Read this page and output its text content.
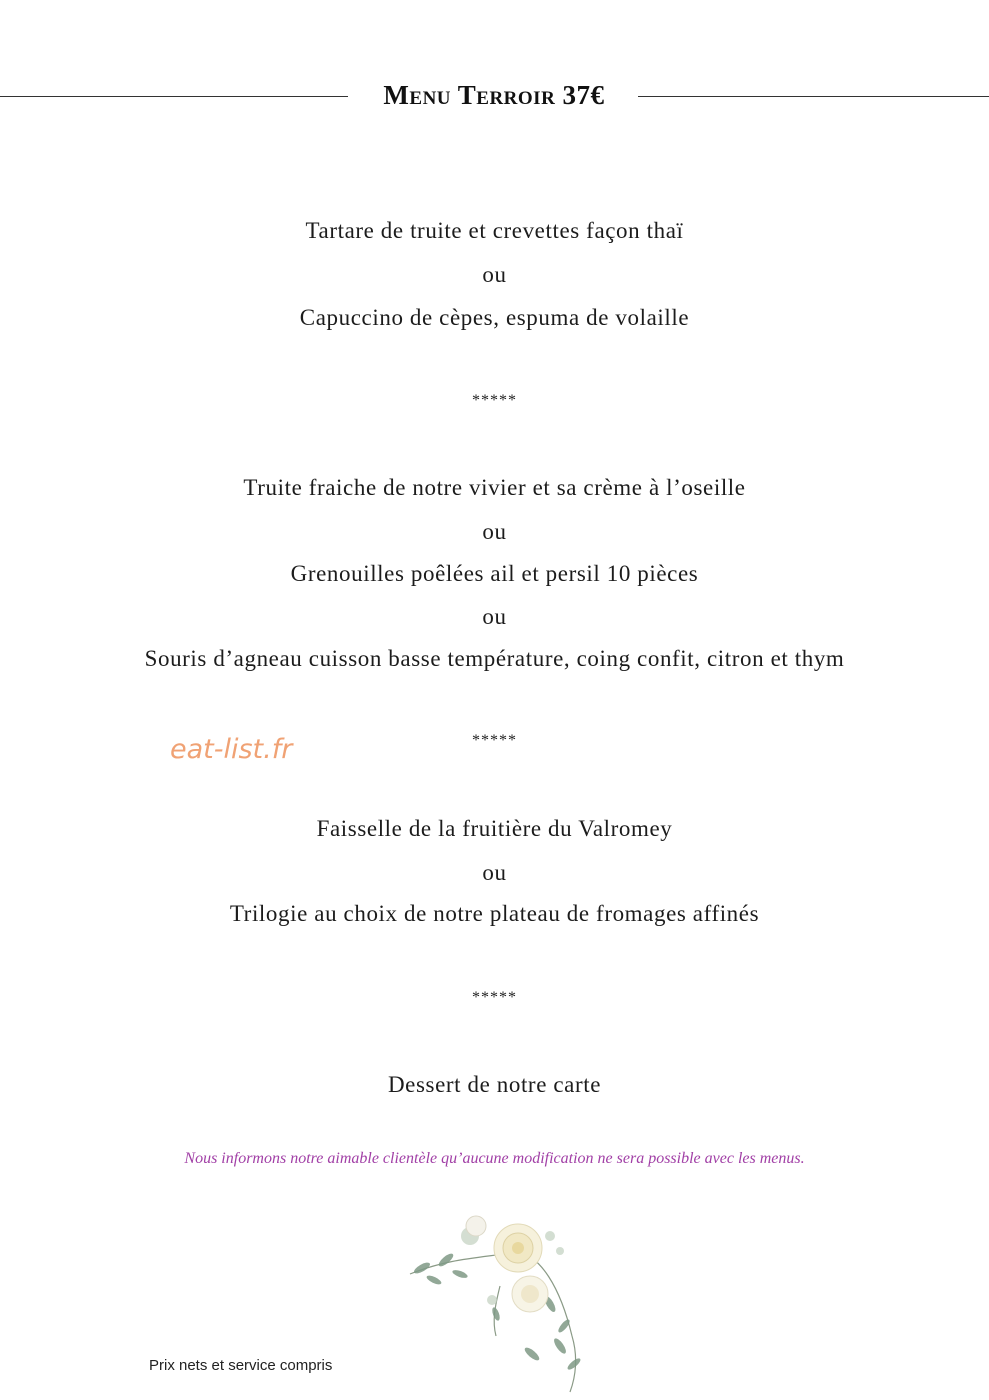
Menu Terroir 37€
Tartare de truite et crevettes façon thaï
ou
Capuccino de cèpes, espuma de volaille
*****
Truite fraiche de notre vivier et sa crème à l’oseille
ou
Grenouilles poêlées ail et persil 10 pièces
ou
Souris d’agneau cuisson basse température, coing confit, citron et thym
*****
eat-list.fr
Faisselle de la fruitière du Valromey
ou
Trilogie au choix de notre plateau de fromages affinés
*****
Dessert de notre carte
Nous informons notre aimable clientèle qu’aucune modification ne sera possible avec les menus.
Prix nets et service compris
